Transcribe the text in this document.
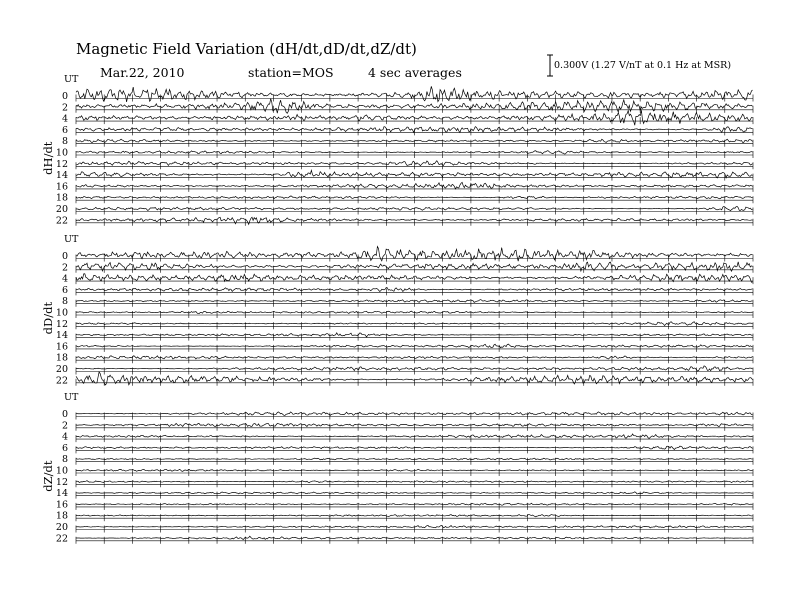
Magnetic Field Variation (dH/dt,dD/dt,dZ/dt)
Mar.22, 2010	station=MOS	4 sec averages	0.300V (1.27 V/nT at 0.1 Hz at MSR)
UT
dH/dt
0
2
4
6
8
10
12
14
16
18
20
22
UT
dD/dt
0
2
4
6
8
10
12
14
16
18
20
22
UT
dZ/dt
0
2
4
6
8
10
12
14
16
18
20
22
